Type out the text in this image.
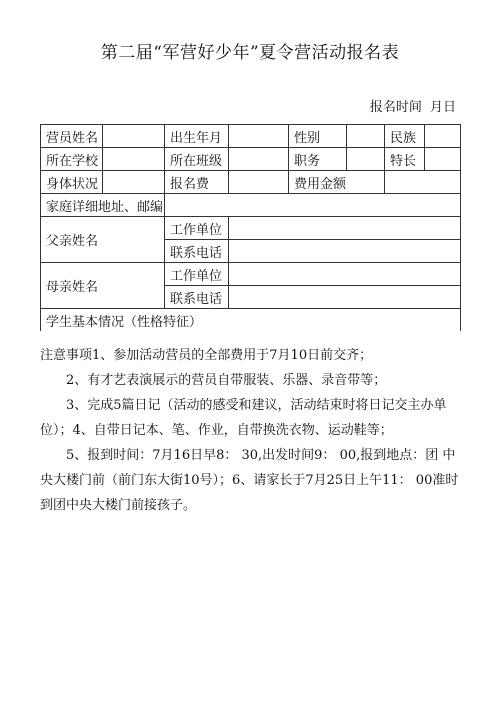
第二届“军营好少年”夏令营活动报名表
报名时间 月日
营员姓名		出生年月		性别		民族	
所在学校		所在班级		职务		特长	
身体状况		报名费		费用金额			
家庭详细地址、邮编							
父亲姓名		工作单位					
		联系电话					
母亲姓名		工作单位					
		联系电话					
学生基本情况（性格特征）							

注意事项1、参加活动营员的全部费用于7月10日前交齐；

2、有才艺表演展示的营员自带服装、乐器、录音带等；

3、完成5篇日记（活动的感受和建议，活动结束时将日记交主办单位）；4、自带日记本、笔、作业，自带换洗衣物、运动鞋等；

5、报到时间：7月16日早8： 30,出发时间9： 00,报到地点：团 中央大楼门前（前门东大街10号）；6、请家长于7月25日上午11： 00准时到团中央大楼门前接孩子。
